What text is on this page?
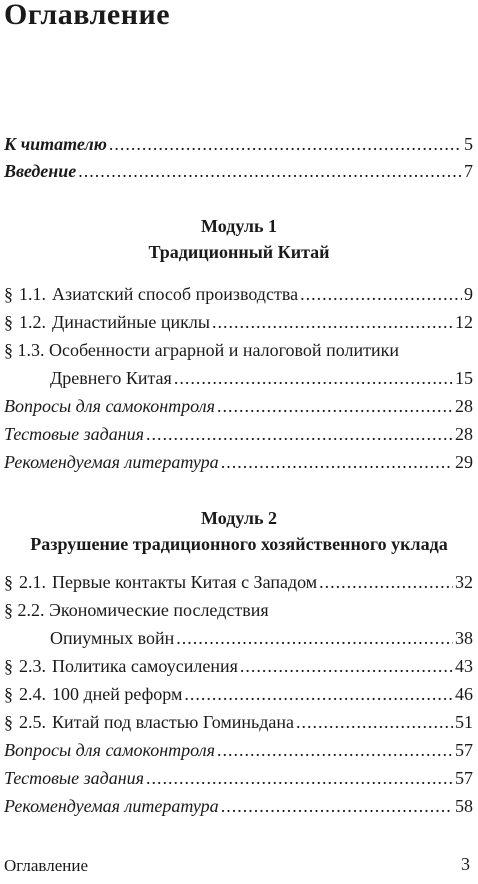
Оглавление
К читателю .....	5
Введение .....	7
Модуль 1
Традиционный Китай
§ 1.1. Азиатский способ производства .....	9
§ 1.2. Династийные циклы .....	12
§ 1.3. Особенности аграрной и налоговой политики
Древнего Китая .....	15
Вопросы для самоконтроля .....	28
Тестовые задания .....	28
Рекомендуемая литература .....	29
Модуль 2
Разрушение традиционного хозяйственного уклада
§ 2.1. Первые контакты Китая с Западом .....	32
§ 2.2. Экономические последствия
Опиумных войн .....	38
§ 2.3. Политика самоусиления .....	43
§ 2.4. 100 дней реформ .....	46
§ 2.5. Китай под властью Гоминьдана .....	51
Вопросы для самоконтроля .....	57
Тестовые задания .....	57
Рекомендуемая литература .....	58
Оглавление	3
